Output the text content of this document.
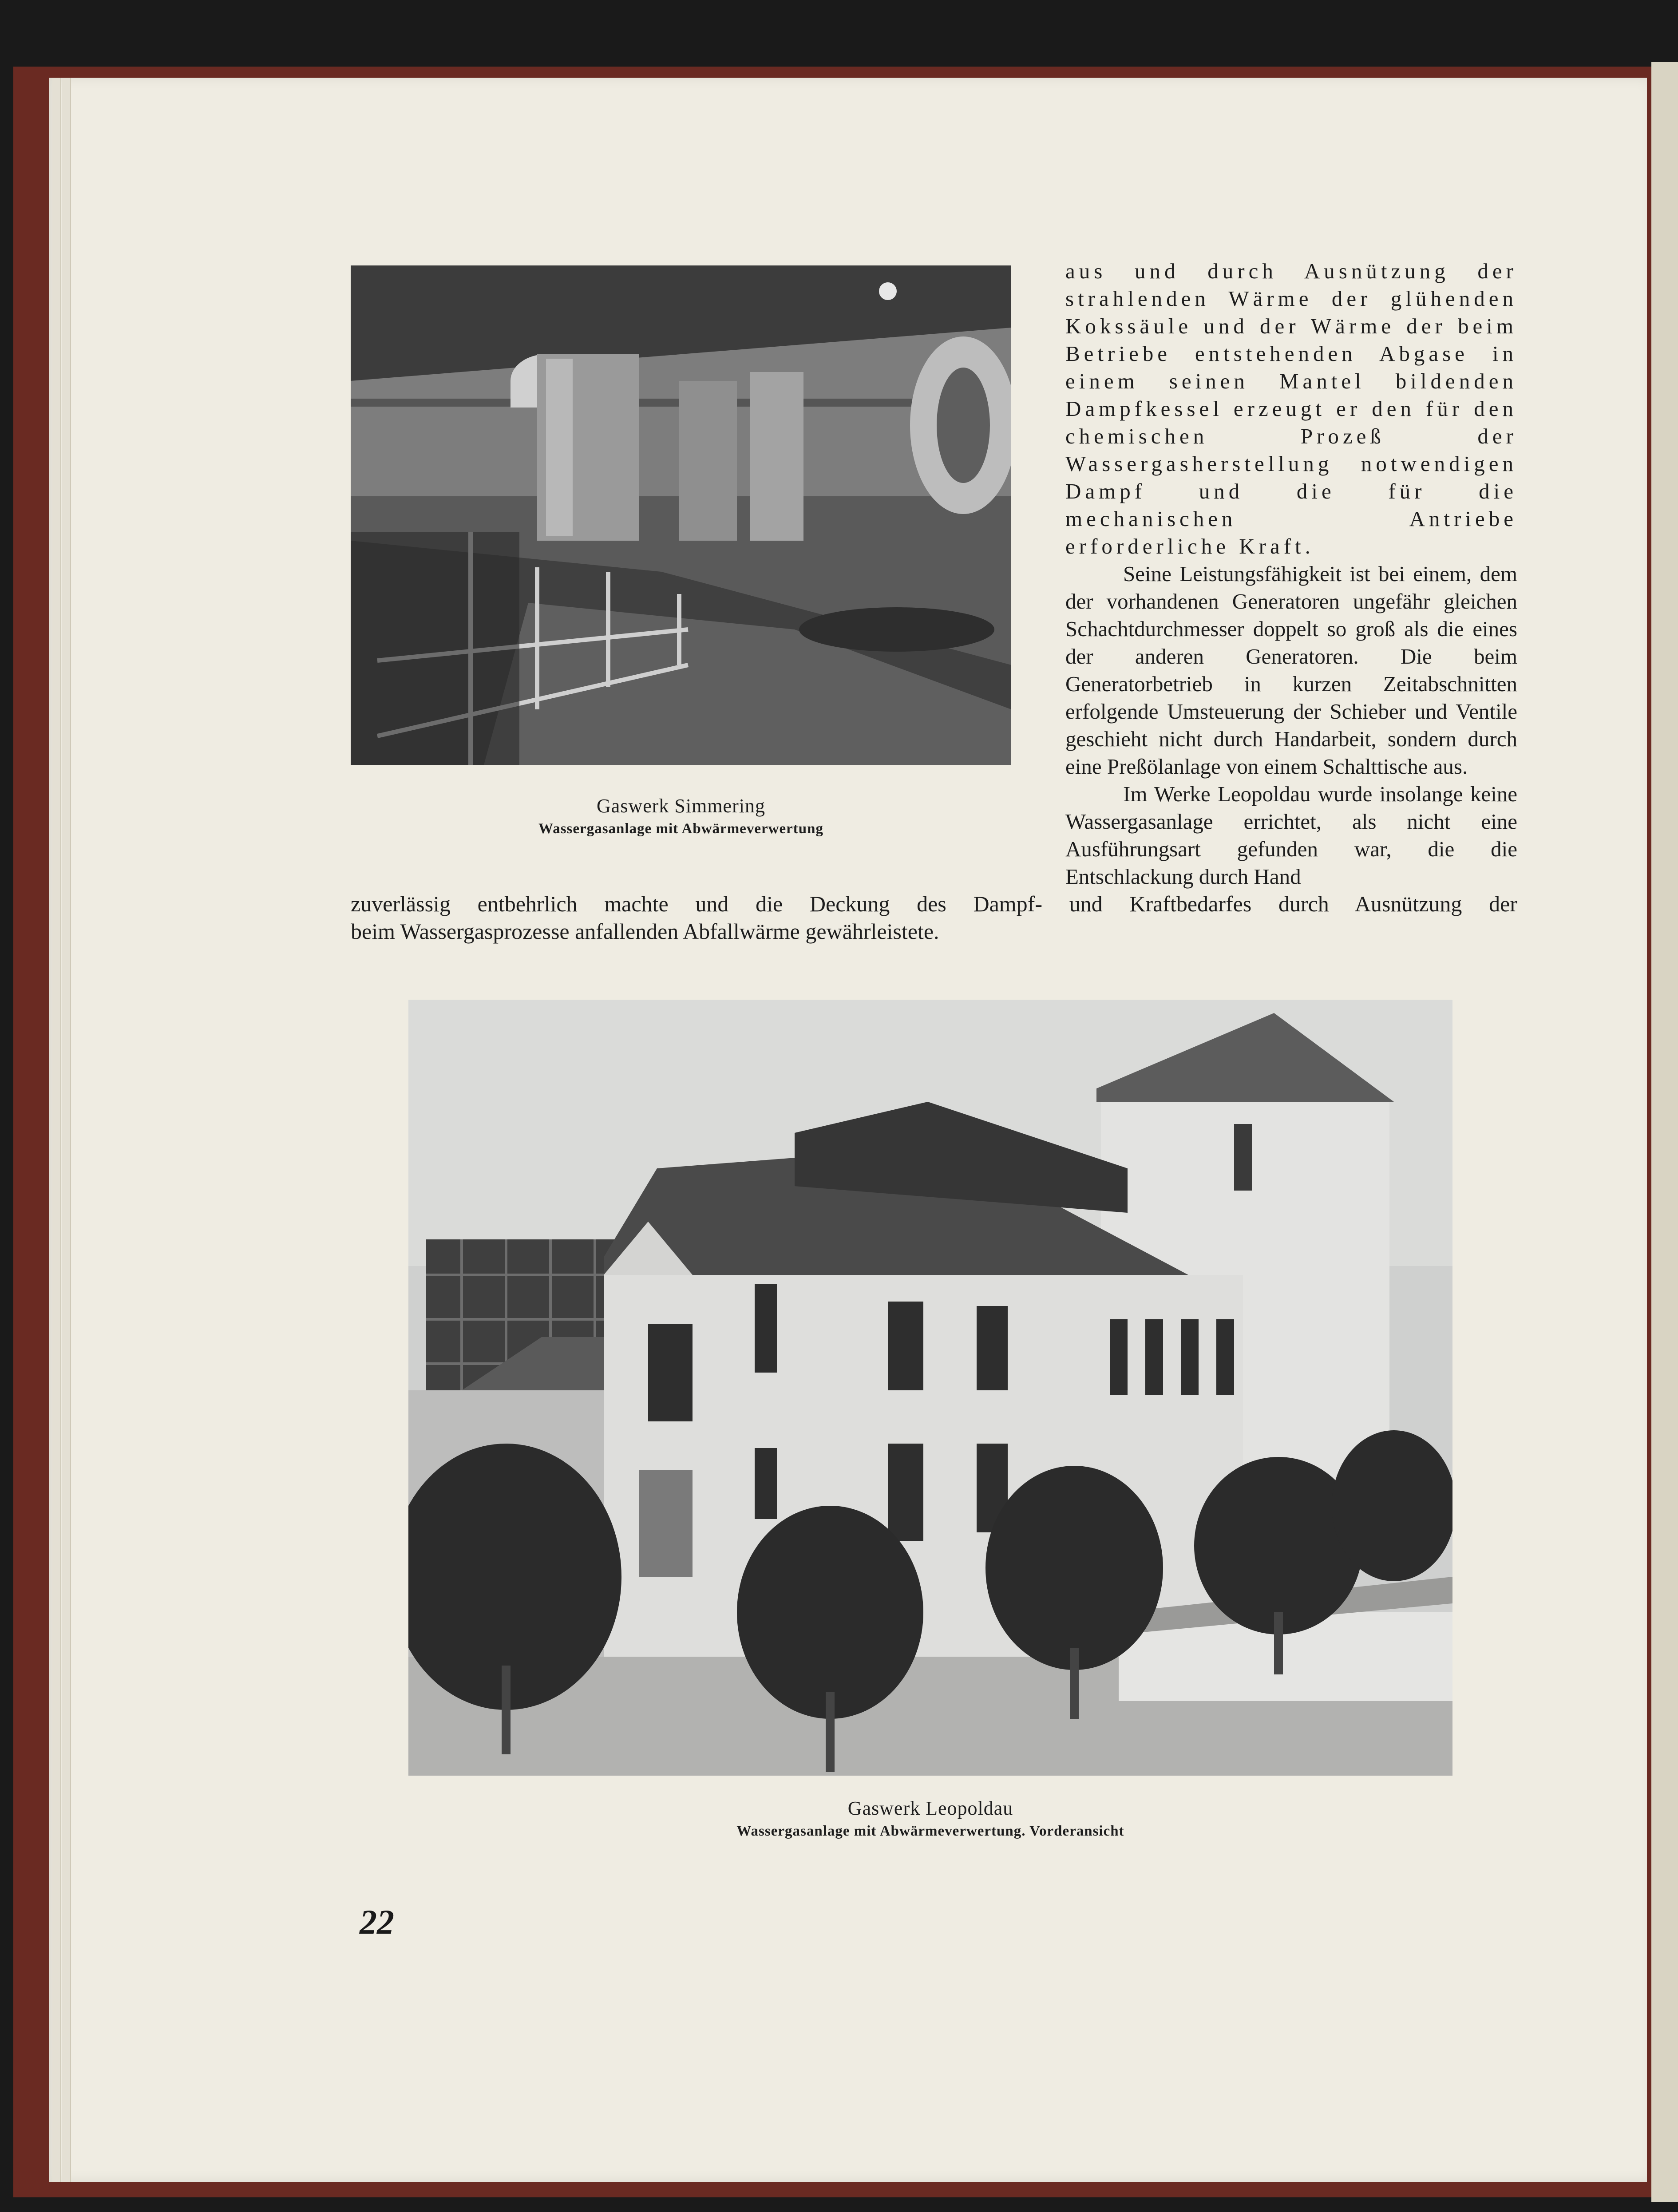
Gaswerk Simmering
Wassergasanlage mit Abwärmeverwertung

aus und durch Ausnützung der strahlenden Wärme der glühenden Kokssäule und der Wärme der beim Betriebe entstehenden Abgase in einem seinen Mantel bildenden Dampfkessel erzeugt er den für den chemischen Prozeß der Wassergasherstellung notwendigen Dampf und die für die mechanischen Antriebe erforderliche Kraft.

Seine Leistungsfähigkeit ist bei einem, dem der vorhandenen Generatoren ungefähr gleichen Schachtdurchmesser doppelt so groß als die eines der anderen Generatoren. Die beim Generatorbetrieb in kurzen Zeitabschnitten erfolgende Umsteuerung der Schieber und Ventile geschieht nicht durch Handarbeit, sondern durch eine Preßölanlage von einem Schalttische aus.

Im Werke Leopoldau wurde insolange keine Wassergasanlage errichtet, als nicht eine Ausführungsart gefunden war, die die Entschlackung durch Hand

zuverlässig entbehrlich machte und die Deckung des Dampf- und Kraftbedarfes durch Ausnützung der
beim Wassergasprozesse anfallenden Abfallwärme gewährleistete.
Gaswerk Leopoldau
Wassergasanlage mit Abwärmeverwertung. Vorderansicht
22
